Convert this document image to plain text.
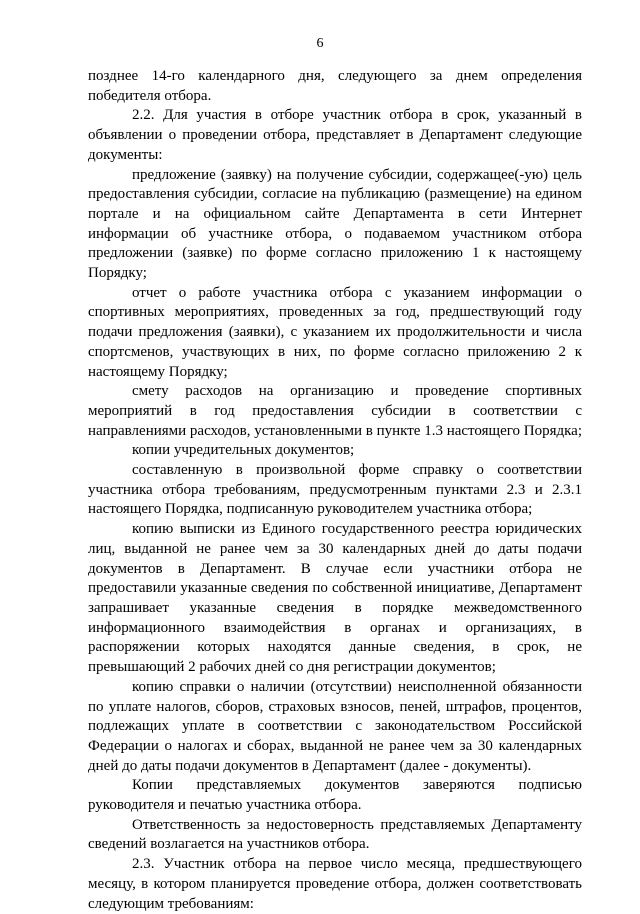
6

позднее 14-го календарного дня, следующего за днем определения победителя отбора.

2.2. Для участия в отборе участник отбора в срок, указанный в объявлении о проведении отбора, представляет в Департамент следующие документы:

предложение (заявку) на получение субсидии, содержащее(-ую) цель предоставления субсидии, согласие на публикацию (размещение) на едином портале и на официальном сайте Департамента в сети Интернет информации об участнике отбора, о подаваемом участником отбора предложении (заявке) по форме согласно приложению 1 к настоящему Порядку;

отчет о работе участника отбора с указанием информации о спортивных мероприятиях, проведенных за год, предшествующий году подачи предложения (заявки), с указанием их продолжительности и числа спортсменов, участвующих в них, по форме согласно приложению 2 к настоящему Порядку;

смету расходов на организацию и проведение спортивных мероприятий в год предоставления субсидии в соответствии с направлениями расходов, установленными в пункте 1.3 настоящего Порядка;

копии учредительных документов;

составленную в произвольной форме справку о соответствии участника отбора требованиям, предусмотренным пунктами 2.3 и 2.3.1 настоящего Порядка, подписанную руководителем участника отбора;

копию выписки из Единого государственного реестра юридических лиц, выданной не ранее чем за 30 календарных дней до даты подачи документов в Департамент. В случае если участники отбора не предоставили указанные сведения по собственной инициативе, Департамент запрашивает указанные сведения в порядке межведомственного информационного взаимодействия в органах и организациях, в распоряжении которых находятся данные сведения, в срок, не превышающий 2 рабочих дней со дня регистрации документов;

копию справки о наличии (отсутствии) неисполненной обязанности по уплате налогов, сборов, страховых взносов, пеней, штрафов, процентов, подлежащих уплате в соответствии с законодательством Российской Федерации о налогах и сборах, выданной не ранее чем за 30 календарных дней до даты подачи документов в Департамент (далее - документы).

Копии представляемых документов заверяются подписью руководителя и печатью участника отбора.

Ответственность за недостоверность представляемых Департаменту сведений возлагается на участников отбора.

2.3. Участник отбора на первое число месяца, предшествующего месяцу, в котором планируется проведение отбора, должен соответствовать следующим требованиям:
